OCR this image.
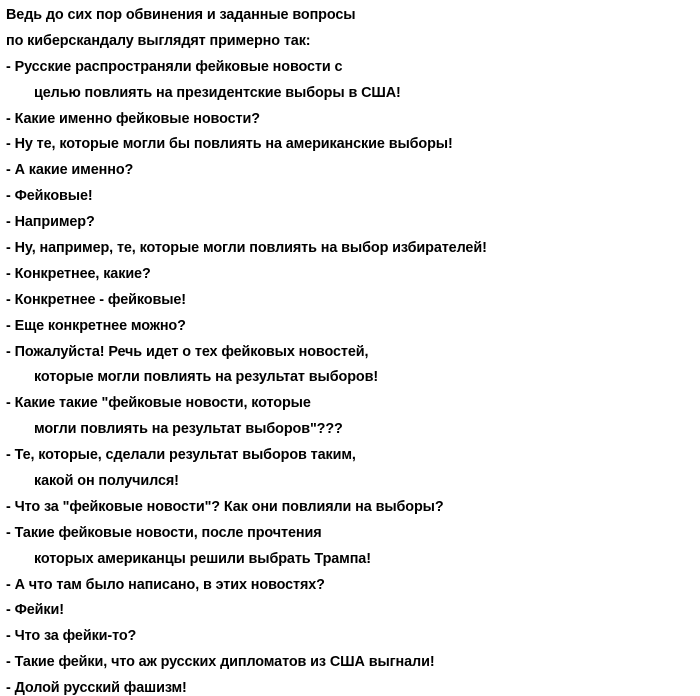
Ведь до сих пор обвинения и заданные вопросы
по киберскандалу выглядят примерно так:
- Русские распространяли фейковые новости с
целью повлиять на президентские выборы в США!
- Какие именно фейковые новости?
- Ну те, которые могли бы повлиять на американские выборы!
- А какие именно?
- Фейковые!
- Например?
- Ну, например, те, которые могли повлиять на выбор избирателей!
- Конкретнее, какие?
- Конкретнее - фейковые!
- Еще конкретнее можно?
- Пожалуйста! Речь идет о тех фейковых новостей,
которые могли повлиять на результат выборов!
- Какие такие "фейковые новости, которые
могли повлиять на результат выборов"???
- Те, которые, сделали результат выборов таким,
какой он получился!
- Что за "фейковые новости"? Как они повлияли на выборы?
- Такие фейковые новости, после прочтения
которых американцы решили выбрать Трампа!
- А что там было написано, в этих новостях?
- Фейки!
- Что за фейки-то?
- Такие фейки, что аж русских дипломатов из США выгнали!
- Долой русский фашизм!
